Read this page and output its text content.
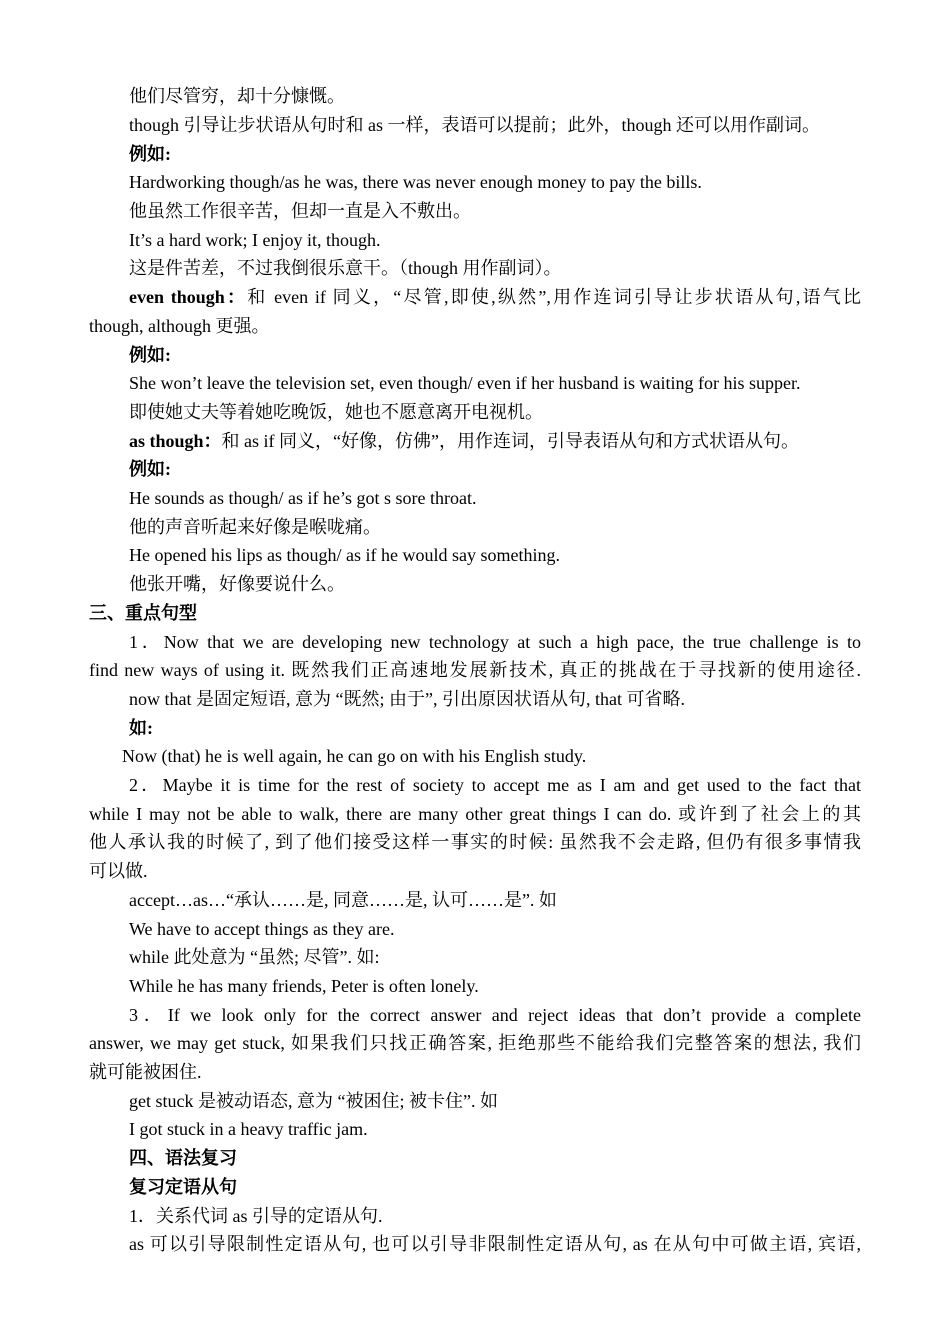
他们尽管穷，却十分慷慨。
though 引导让步状语从句时和 as 一样，表语可以提前；此外，though 还可以用作副词。
例如:
Hardworking though/as he was, there was never enough money to pay the bills.
他虽然工作很辛苦，但却一直是入不敷出。
It’s a hard work; I enjoy it, though.
这是件苦差，不过我倒很乐意干。（though 用作副词）。
even though：和 even if 同义，“尽管,即使,纵然”,用作连词引导让步状语从句,语气比
though, although 更强。
例如:
She won’t leave the television set, even though/ even if her husband is waiting for his supper.
即使她丈夫等着她吃晚饭，她也不愿意离开电视机。
as though：和 as if 同义，“好像，仿佛”，用作连词，引导表语从句和方式状语从句。
例如:
He sounds as though/ as if he’s got s sore throat.
他的声音听起来好像是喉咙痛。
He opened his lips as though/ as if he would say something.
他张开嘴，好像要说什么。
三、重点句型
1．Now that we are developing new technology at such a high pace, the true challenge is to
find new ways of using it. 既然我们正高速地发展新技术, 真正的挑战在于寻找新的使用途径.
now that 是固定短语, 意为 “既然; 由于”, 引出原因状语从句, that 可省略.
如:
Now (that) he is well again, he can go on with his English study.
2．Maybe it is time for the rest of society to accept me as I am and get used to the fact that
while I may not be able to walk, there are many other great things I can do. 或许到了社会上的其
他人承认我的时候了, 到了他们接受这样一事实的时候: 虽然我不会走路, 但仍有很多事情我
可以做.
accept…as…“承认……是, 同意……是, 认可……是”. 如
We have to accept things as they are.
while 此处意为 “虽然; 尽管”. 如:
While he has many friends, Peter is often lonely.
3．If we look only for the correct answer and reject ideas that don’t provide a complete
answer, we may get stuck, 如果我们只找正确答案, 拒绝那些不能给我们完整答案的想法, 我们
就可能被困住.
get stuck 是被动语态, 意为 “被困住; 被卡住”. 如
I got stuck in a heavy traffic jam.
四、语法复习
复习定语从句
1．关系代词 as 引导的定语从句.
as 可以引导限制性定语从句, 也可以引导非限制性定语从句, as 在从句中可做主语, 宾语,
